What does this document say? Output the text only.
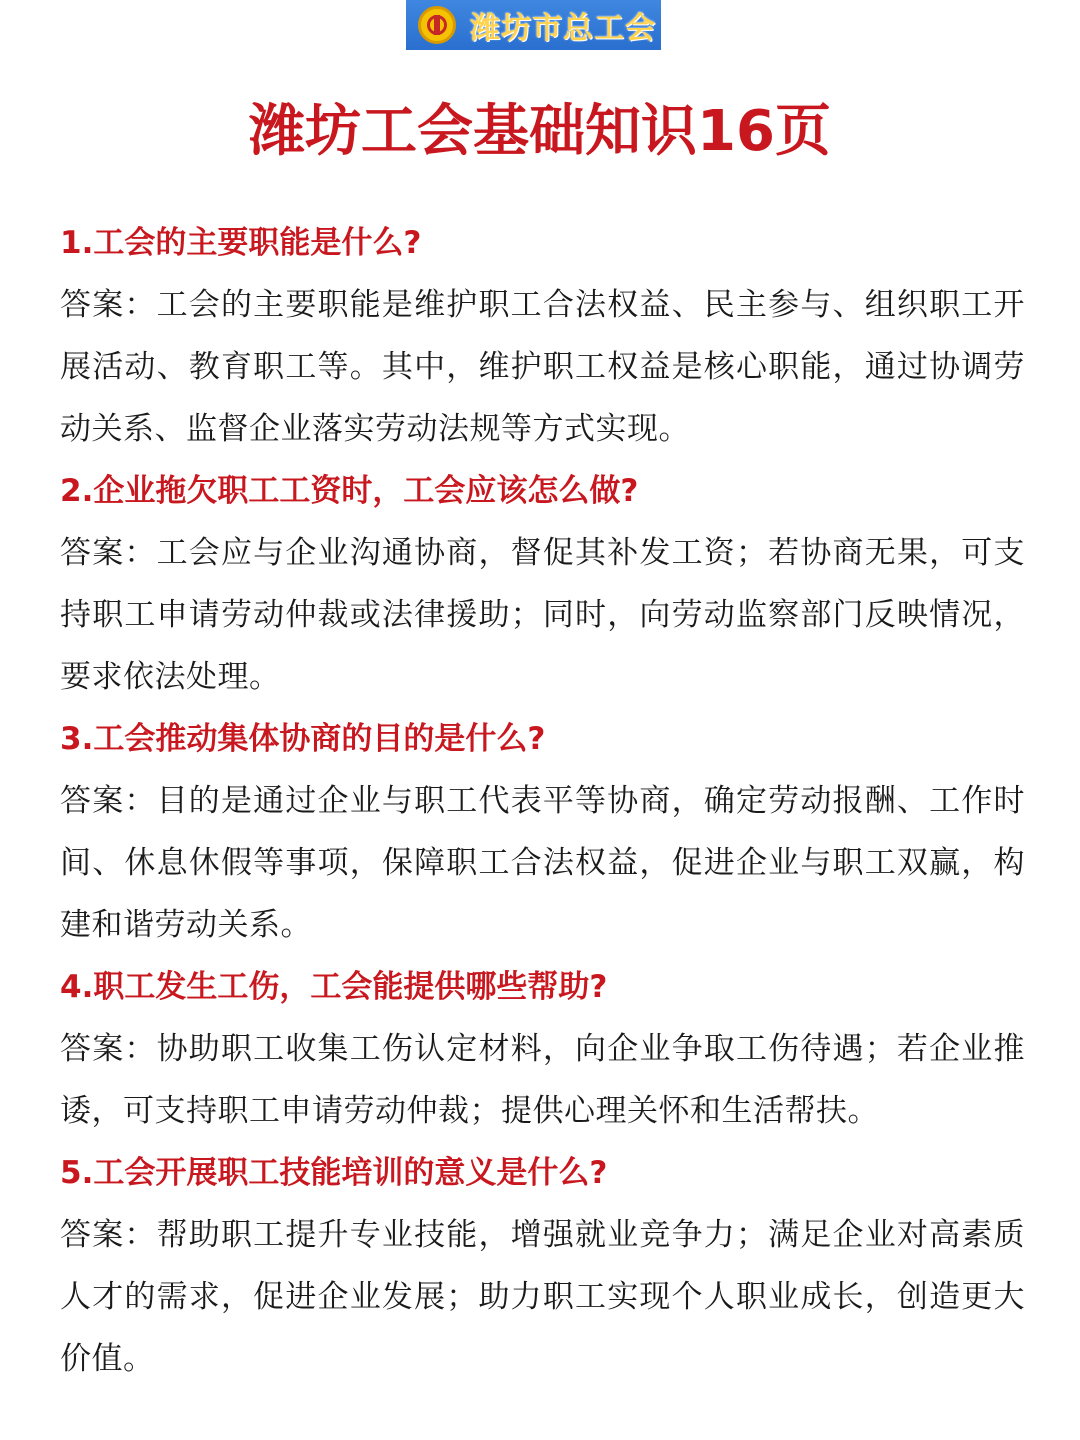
潍坊市总工会
潍坊工会基础知识16页
1.工会的主要职能是什么?
答案：工会的主要职能是维护职工合法权益、民主参与、组织职工开展活动、教育职工等。其中，维护职工权益是核心职能，通过协调劳动关系、监督企业落实劳动法规等方式实现。
2.企业拖欠职工工资时，工会应该怎么做?
答案：工会应与企业沟通协商，督促其补发工资；若协商无果，可支持职工申请劳动仲裁或法律援助；同时，向劳动监察部门反映情况，要求依法处理。
3.工会推动集体协商的目的是什么?
答案：目的是通过企业与职工代表平等协商，确定劳动报酬、工作时间、休息休假等事项，保障职工合法权益，促进企业与职工双赢，构建和谐劳动关系。
4.职工发生工伤，工会能提供哪些帮助?
答案：协助职工收集工伤认定材料，向企业争取工伤待遇；若企业推诿，可支持职工申请劳动仲裁；提供心理关怀和生活帮扶。
5.工会开展职工技能培训的意义是什么?
答案：帮助职工提升专业技能，增强就业竞争力；满足企业对高素质人才的需求，促进企业发展；助力职工实现个人职业成长，创造更大价值。
